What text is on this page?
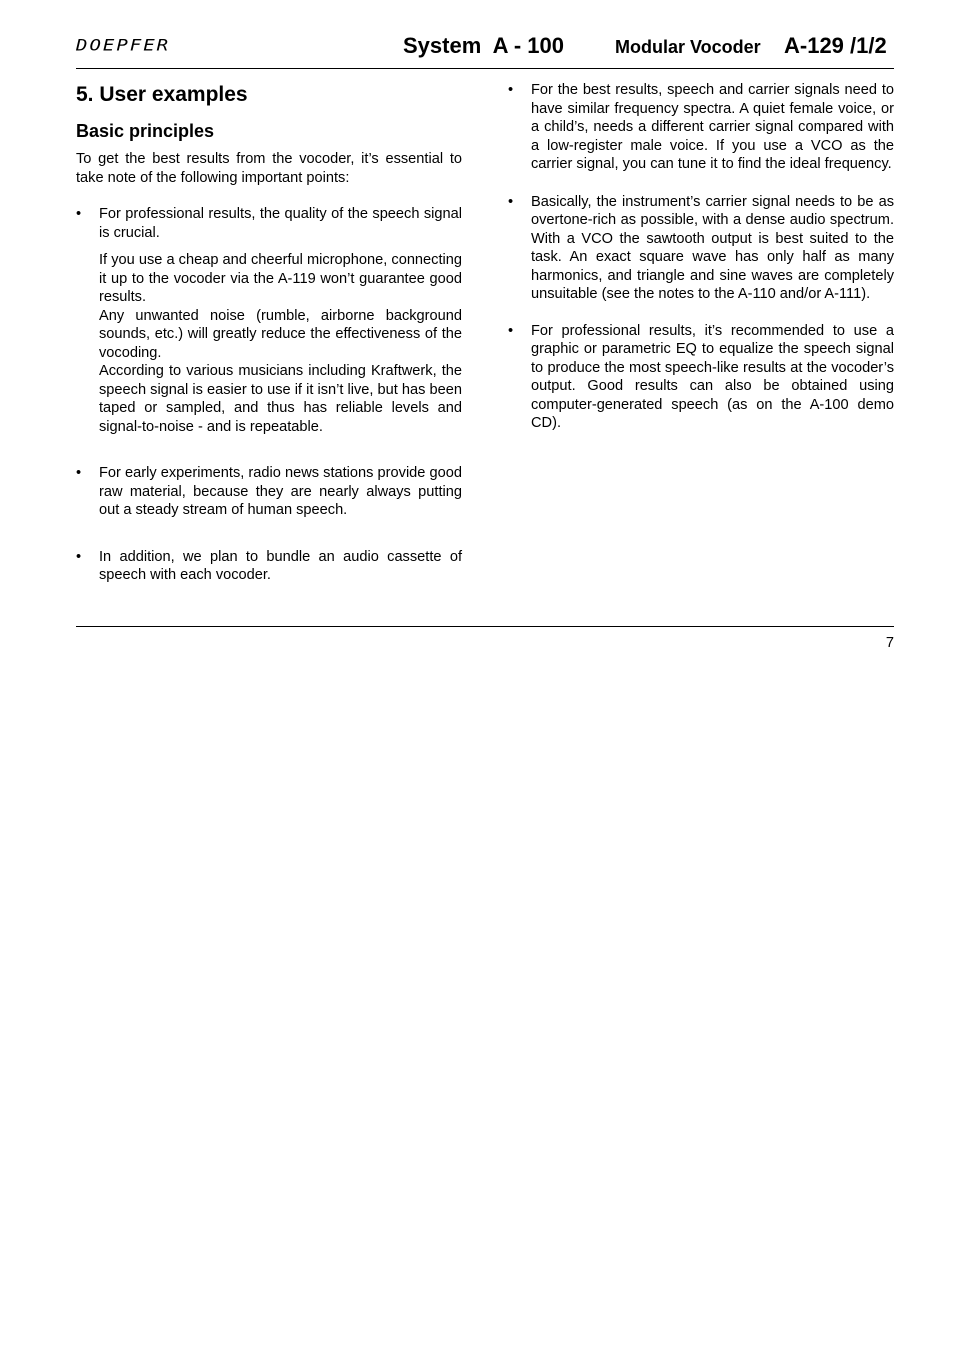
DOEPFER	System  A - 100	Modular Vocoder A-129 /1/2
5. User examples
Basic principles

To get the best results from the vocoder, it’s essential to take note of the following important points:

• For professional results, the quality of the speech signal is crucial.

If you use a cheap and cheerful microphone, connecting it up to the vocoder via the A-119 won’t guarantee good results.

Any unwanted noise (rumble, airborne background sounds, etc.) will greatly reduce the effectiveness of the vocoding.

According to various musicians including Kraftwerk, the speech signal is easier to use if it isn’t live, but has been taped or sampled, and thus has reliable levels and signal-to-noise - and is repeatable.

• For early experiments, radio news stations provide good raw material, because they are nearly always putting out a steady stream of human speech.

• In addition, we plan to bundle an audio cassette of speech with each vocoder.

• For the best results, speech and carrier signals need to have similar frequency spectra. A quiet female voice, or a child’s, needs a different carrier signal compared with a low-register male voice. If you use a VCO as the carrier signal, you can tune it to find the ideal frequency.

• Basically, the instrument’s carrier signal needs to be as overtone-rich as possible, with a dense audio spectrum. With a VCO the sawtooth output is best suited to the task. An exact square wave has only half as many harmonics, and triangle and sine waves are completely unsuitable (see the notes to the A-110 and/or A-111).

• For professional results, it’s recommended to use a graphic or parametric EQ to equalize the speech signal to produce the most speech-like results at the vocoder’s output. Good results can also be obtained using computer-generated speech (as on the A-100 demo CD).

7
